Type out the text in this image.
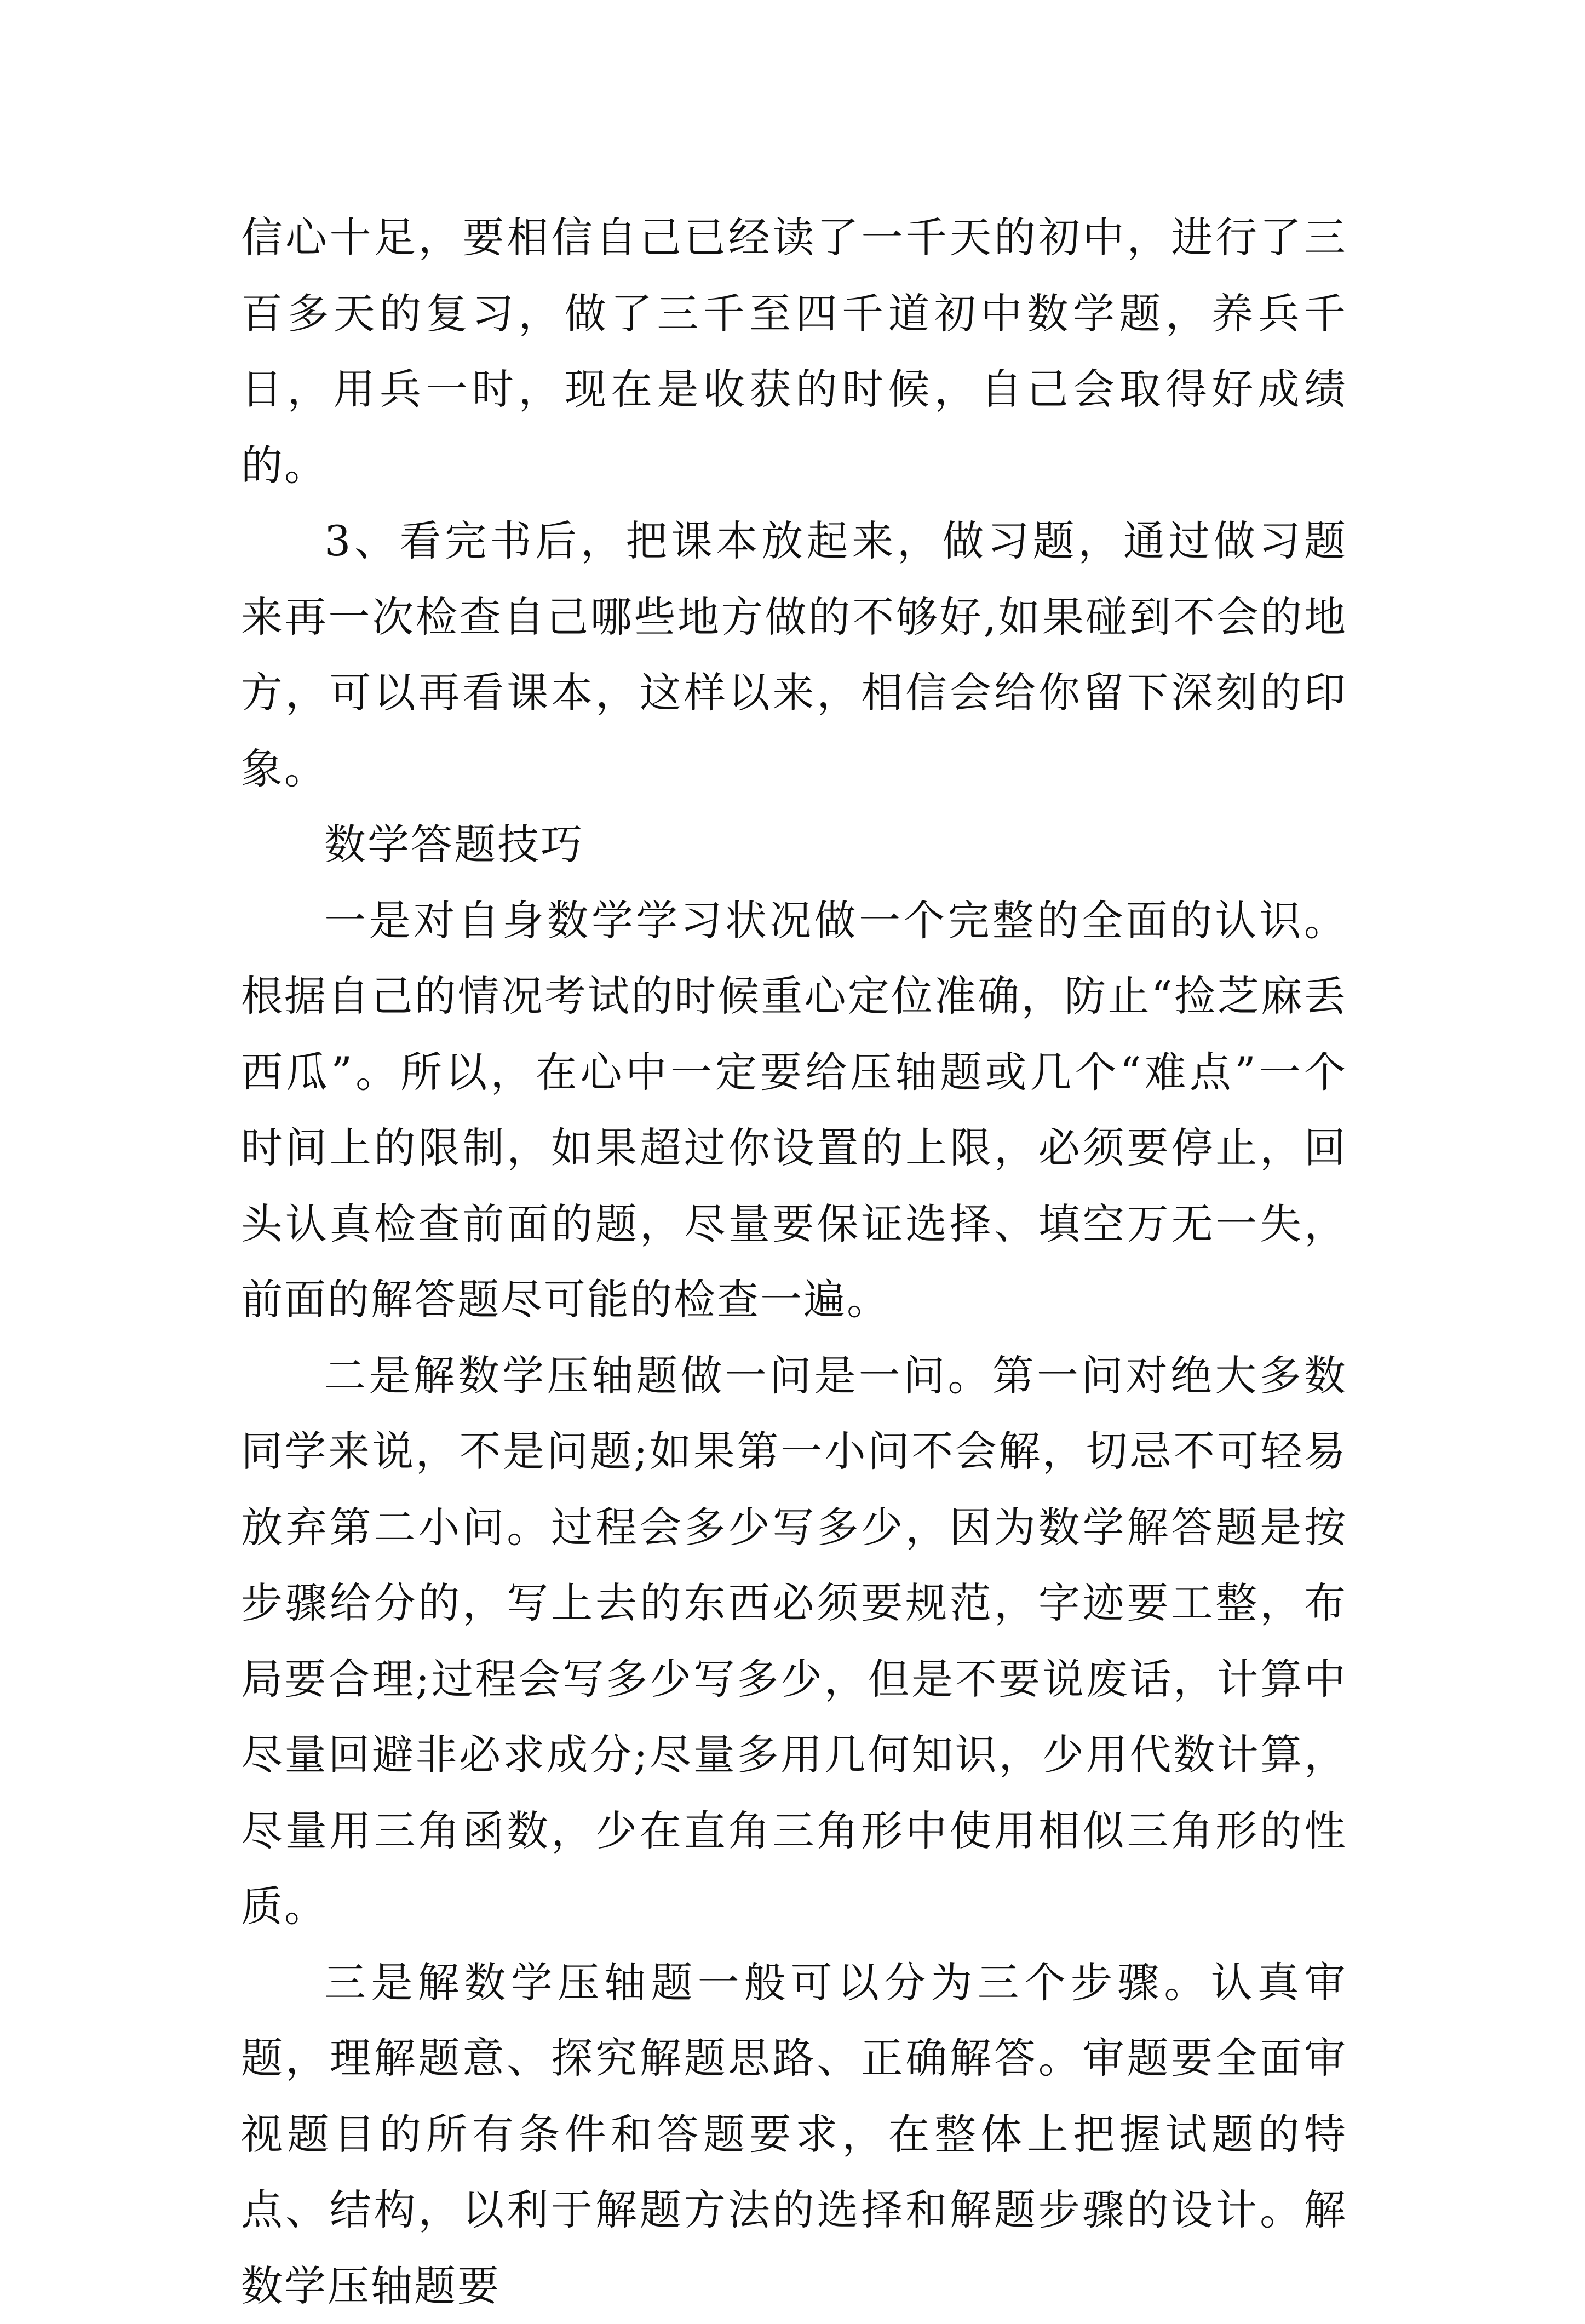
信心十足，要相信自己已经读了一千天的初中，进行了三百多天的复习，做了三千至四千道初中数学题，养兵千日，用兵一时，现在是收获的时候，自己会取得好成绩的。

3、看完书后，把课本放起来，做习题，通过做习题来再一次检查自己哪些地方做的不够好,如果碰到不会的地方，可以再看课本，这样以来，相信会给你留下深刻的印象。

数学答题技巧

一是对自身数学学习状况做一个完整的全面的认识。根据自己的情况考试的时候重心定位准确，防止“捡芝麻丢西瓜”。所以，在心中一定要给压轴题或几个“难点”一个时间上的限制，如果超过你设置的上限，必须要停止，回头认真检查前面的题，尽量要保证选择、填空万无一失，前面的解答题尽可能的检查一遍。

二是解数学压轴题做一问是一问。第一问对绝大多数同学来说，不是问题;如果第一小问不会解，切忌不可轻易放弃第二小问。过程会多少写多少，因为数学解答题是按步骤给分的，写上去的东西必须要规范，字迹要工整，布局要合理;过程会写多少写多少，但是不要说废话，计算中尽量回避非必求成分;尽量多用几何知识，少用代数计算，尽量用三角函数，少在直角三角形中使用相似三角形的性质。

三是解数学压轴题一般可以分为三个步骤。认真审题，理解题意、探究解题思路、正确解答。审题要全面审视题目的所有条件和答题要求，在整体上把握试题的特点、结构，以利于解题方法的选择和解题步骤的设计。解数学压轴题要
